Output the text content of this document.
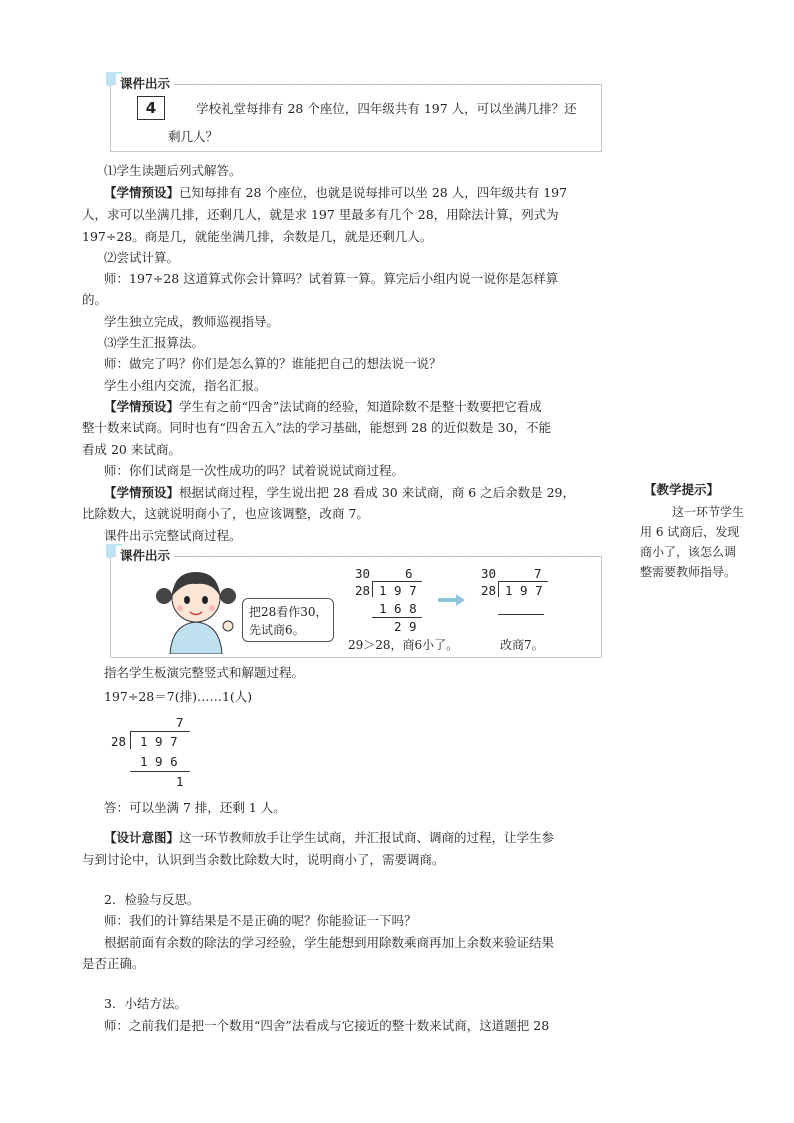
课件出示
4	学校礼堂每排有 28 个座位，四年级共有 197 人，可以坐满几排？还
剩几人？
⑴学生读题后列式解答。
【学情预设】已知每排有 28 个座位，也就是说每排可以坐 28 人，四年级共有 197
人，求可以坐满几排，还剩几人，就是求 197 里最多有几个 28，用除法计算，列式为
197÷28。商是几，就能坐满几排，余数是几，就是还剩几人。
⑵尝试计算。
师：197÷28 这道算式你会计算吗？试着算一算。算完后小组内说一说你是怎样算
的。
学生独立完成，教师巡视指导。
⑶学生汇报算法。
师：做完了吗？你们是怎么算的？谁能把自己的想法说一说？
学生小组内交流，指名汇报。
【学情预设】学生有之前“四舍”法试商的经验，知道除数不是整十数要把它看成
整十数来试商。同时也有“四舍五入”法的学习基础，能想到 28 的近似数是 30，不能
看成 20 来试商。
师：你们试商是一次性成功的吗？试着说说试商过程。
【学情预设】根据试商过程，学生说出把 28 看成 30 来试商，商 6 之后余数是 29，
比除数大，这就说明商小了，也应该调整，改商 7。
课件出示完整试商过程。
【教学提示】
这一环节学生
用 6 试商后，发现
商小了，该怎么调
整需要教师指导。
课件出示
把28看作30，
先试商6。
30	6
28 1 9 7
1 6 8
2 9
29＞28，商6小了。
30	7
28 1 9 7
改商7。
指名学生板演完整竖式和解题过程。
197÷28＝7(排)……1(人)
7
28 1 9 7
1 9 6
1
答：可以坐满 7 排，还剩 1 人。
【设计意图】这一环节教师放手让学生试商，并汇报试商、调商的过程，让学生参
与到讨论中，认识到当余数比除数大时，说明商小了，需要调商。
2．检验与反思。
师：我们的计算结果是不是正确的呢？你能验证一下吗？
根据前面有余数的除法的学习经验，学生能想到用除数乘商再加上余数来验证结果
是否正确。
3．小结方法。
师：之前我们是把一个数用“四舍”法看成与它接近的整十数来试商，这道题把 28
